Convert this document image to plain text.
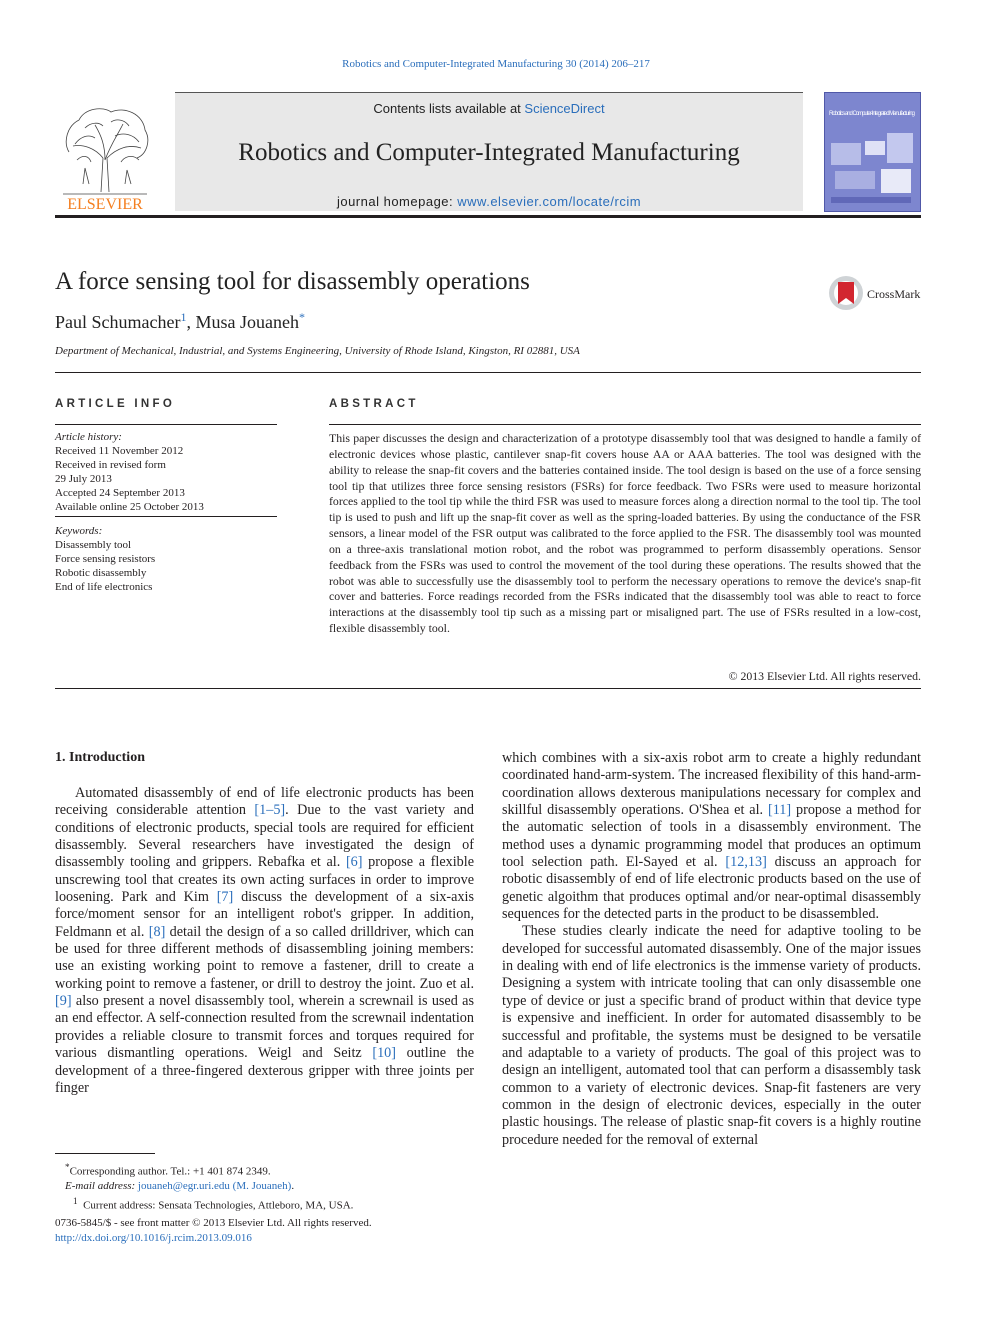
Robotics and Computer-Integrated Manufacturing 30 (2014) 206–217
ELSEVIER
Contents lists available at ScienceDirect
Robotics and Computer-Integrated Manufacturing
journal homepage: www.elsevier.com/locate/rcim
Robotics and Computer-Integrated Manufacturing
A force sensing tool for disassembly operations	CrossMark
Paul Schumacher$^1$, Musa Jouaneh*
Department of Mechanical, Industrial, and Systems Engineering, University of Rhode Island, Kingston, RI 02881, USA
ARTICLE INFO
Article history:
Received 11 November 2012
Received in revised form
29 July 2013
Accepted 24 September 2013
Available online 25 October 2013
Keywords:
Disassembly tool
Force sensing resistors
Robotic disassembly
End of life electronics
ABSTRACT
This paper discusses the design and characterization of a prototype disassembly tool that was designed to handle a family of electronic devices whose plastic, cantilever snap-fit covers house AA or AAA batteries. The tool was designed with the ability to release the snap-fit covers and the batteries contained inside. The tool design is based on the use of a force sensing tool tip that utilizes three force sensing resistors (FSRs) for force feedback. Two FSRs were used to measure horizontal forces applied to the tool tip while the third FSR was used to measure forces along a direction normal to the tool tip. The tool tip is used to push and lift up the snap-fit cover as well as the spring-loaded batteries. By using the conductance of the FSR sensors, a linear model of the FSR output was calibrated to the force applied to the FSR. The disassembly tool was mounted on a three-axis translational motion robot, and the robot was programmed to perform disassembly operations. Sensor feedback from the FSRs was used to control the movement of the tool during these operations. The results showed that the robot was able to successfully use the disassembly tool to perform the necessary operations to remove the device's snap-fit cover and batteries. Force readings recorded from the FSRs indicated that the disassembly tool was able to react to force interactions at the disassembly tool tip such as a missing part or misaligned part. The use of FSRs resulted in a low-cost, flexible disassembly tool.
© 2013 Elsevier Ltd. All rights reserved.
1. Introduction

Automated disassembly of end of life electronic products has been receiving considerable attention [1–5]. Due to the vast variety and conditions of electronic products, special tools are required for efficient disassembly. Several researchers have investigated the design of disassembly tooling and grippers. Rebafka et al. [6] propose a flexible unscrewing tool that creates its own acting surfaces in order to improve loosening. Park and Kim [7] discuss the development of a six-axis force/moment sensor for an intelligent robot's gripper. In addition, Feldmann et al. [8] detail the design of a so called drilldriver, which can be used for three different methods of disassembling joining members: use an existing working point to remove a fastener, drill to create a working point to remove a fastener, or drill to destroy the joint. Zuo et al. [9] also present a novel disassembly tool, wherein a screwnail is used as an end effector. A self-connection resulted from the screwnail indentation provides a reliable closure to transmit forces and torques required for various dismantling operations. Weigl and Seitz [10] outline the development of a three-fingered dexterous gripper with three joints per finger

which combines with a six-axis robot arm to create a highly redundant coordinated hand-arm-system. The increased flexibility of this hand-arm-coordination allows dexterous manipulations necessary for complex and skillful disassembly operations. O'Shea et al. [11] propose a method for the automatic selection of tools in a disassembly environment. The method uses a dynamic programming model that produces an optimum tool selection path. El-Sayed et al. [12,13] discuss an approach for robotic disassembly of end of life electronic products based on the use of genetic algoithm that produces optimal and/or near-optimal disassembly sequences for the detected parts in the product to be disassembled.

These studies clearly indicate the need for adaptive tooling to be developed for successful automated disassembly. One of the major issues in dealing with end of life electronics is the immense variety of products. Designing a system with intricate tooling that can only disassemble one type of device or just a specific brand of product within that device type is expensive and inefficient. In order for automated disassembly to be successful and profitable, the systems must be designed to be versatile and adaptable to a variety of products. The goal of this project was to design an intelligent, automated tool that can perform a disassembly task common to a variety of electronic devices. Snap-fit fasteners are very common in the design of electronic devices, especially in the outer plastic housings. The release of plastic snap-fit covers is a highly routine procedure needed for the removal of external

*Corresponding author. Tel.: +1 401 874 2349.
E-mail address: jouaneh@egr.uri.edu (M. Jouaneh).
$^1$ Current address: Sensata Technologies, Attleboro, MA, USA.
0736-5845/$ - see front matter © 2013 Elsevier Ltd. All rights reserved.
http://dx.doi.org/10.1016/j.rcim.2013.09.016
